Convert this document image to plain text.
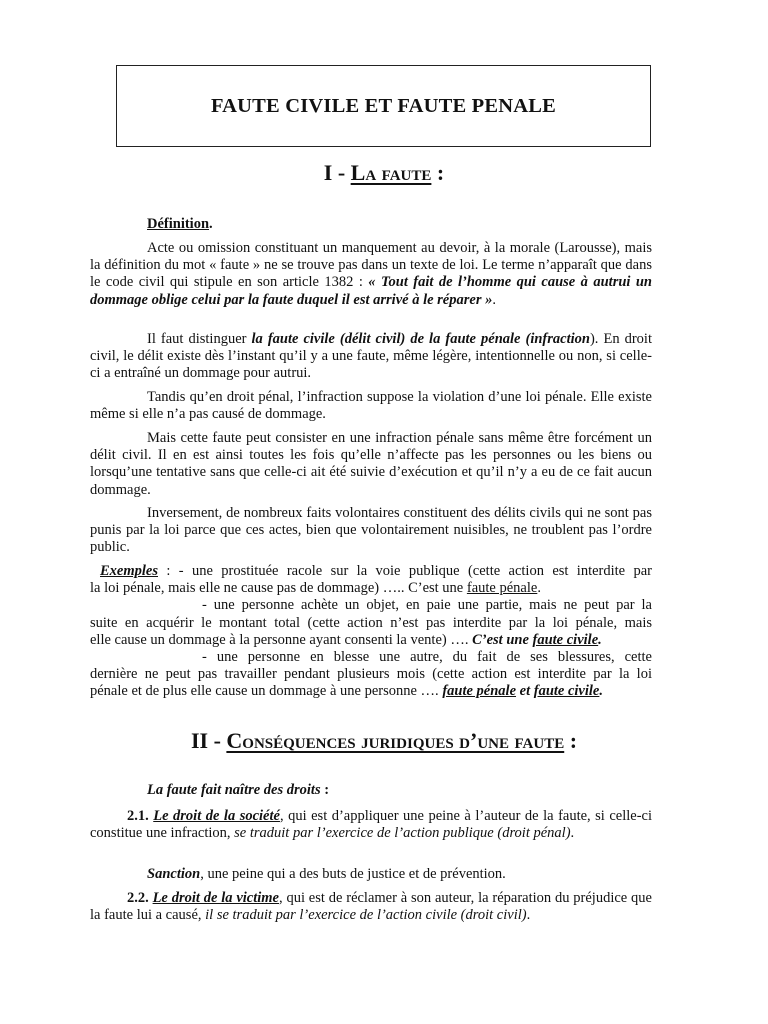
FAUTE CIVILE ET FAUTE PENALE
I - La faute :
Définition.
Acte ou omission constituant un manquement au devoir, à la morale (Larousse), mais la définition du mot « faute » ne se trouve pas dans un texte de loi. Le terme n’apparaît que dans le code civil qui stipule en son article 1382 : « Tout fait de l’homme qui cause à autrui un dommage oblige celui par la faute duquel il est arrivé à le réparer ».
Il faut distinguer la faute civile (délit civil) de la faute pénale (infraction). En droit civil, le délit existe dès l’instant qu’il y a une faute, même légère, intentionnelle ou non, si celle-ci a entraîné un dommage pour autrui.
Tandis qu’en droit pénal, l’infraction suppose la violation d’une loi pénale. Elle existe même si elle n’a pas causé de dommage.
Mais cette faute peut consister en une infraction pénale sans même être forcément un délit civil. Il en est ainsi toutes les fois qu’elle n’affecte pas les personnes ou les biens ou lorsqu’une tentative sans que celle-ci ait été suivie d’exécution et qu’il n’y a eu de ce fait aucun dommage.
Inversement, de nombreux faits volontaires constituent des délits civils qui ne sont pas punis par la loi parce que ces actes, bien que volontairement nuisibles, ne troublent pas l’ordre public.
Exemples : - une prostituée racole sur la voie publique (cette action est interdite par
la loi pénale, mais elle ne cause pas de dommage) ….. C’est une faute pénale.
- une personne achète un objet, en paie une partie, mais ne peut par la
suite en acquérir le montant total (cette action n’est pas interdite par la loi pénale, mais
elle cause un dommage à la personne ayant consenti la vente) …. C’est une faute civile.
- une personne en blesse une autre, du fait de ses blessures, cette
dernière ne peut pas travailler pendant plusieurs mois (cette action est interdite par la loi
pénale et de plus elle cause un dommage à une personne …. faute pénale et faute civile.
II - Conséquences juridiques d’une faute :
La faute fait naître des droits :
2.1. Le droit de la société, qui est d’appliquer une peine à l’auteur de la faute, si celle-ci constitue une infraction, se traduit par l’exercice de l’action publique (droit pénal).
Sanction, une peine qui a des buts de justice et de prévention.
2.2. Le droit de la victime, qui est de réclamer à son auteur, la réparation du préjudice que la faute lui a causé, il se traduit par l’exercice de l’action civile (droit civil).
